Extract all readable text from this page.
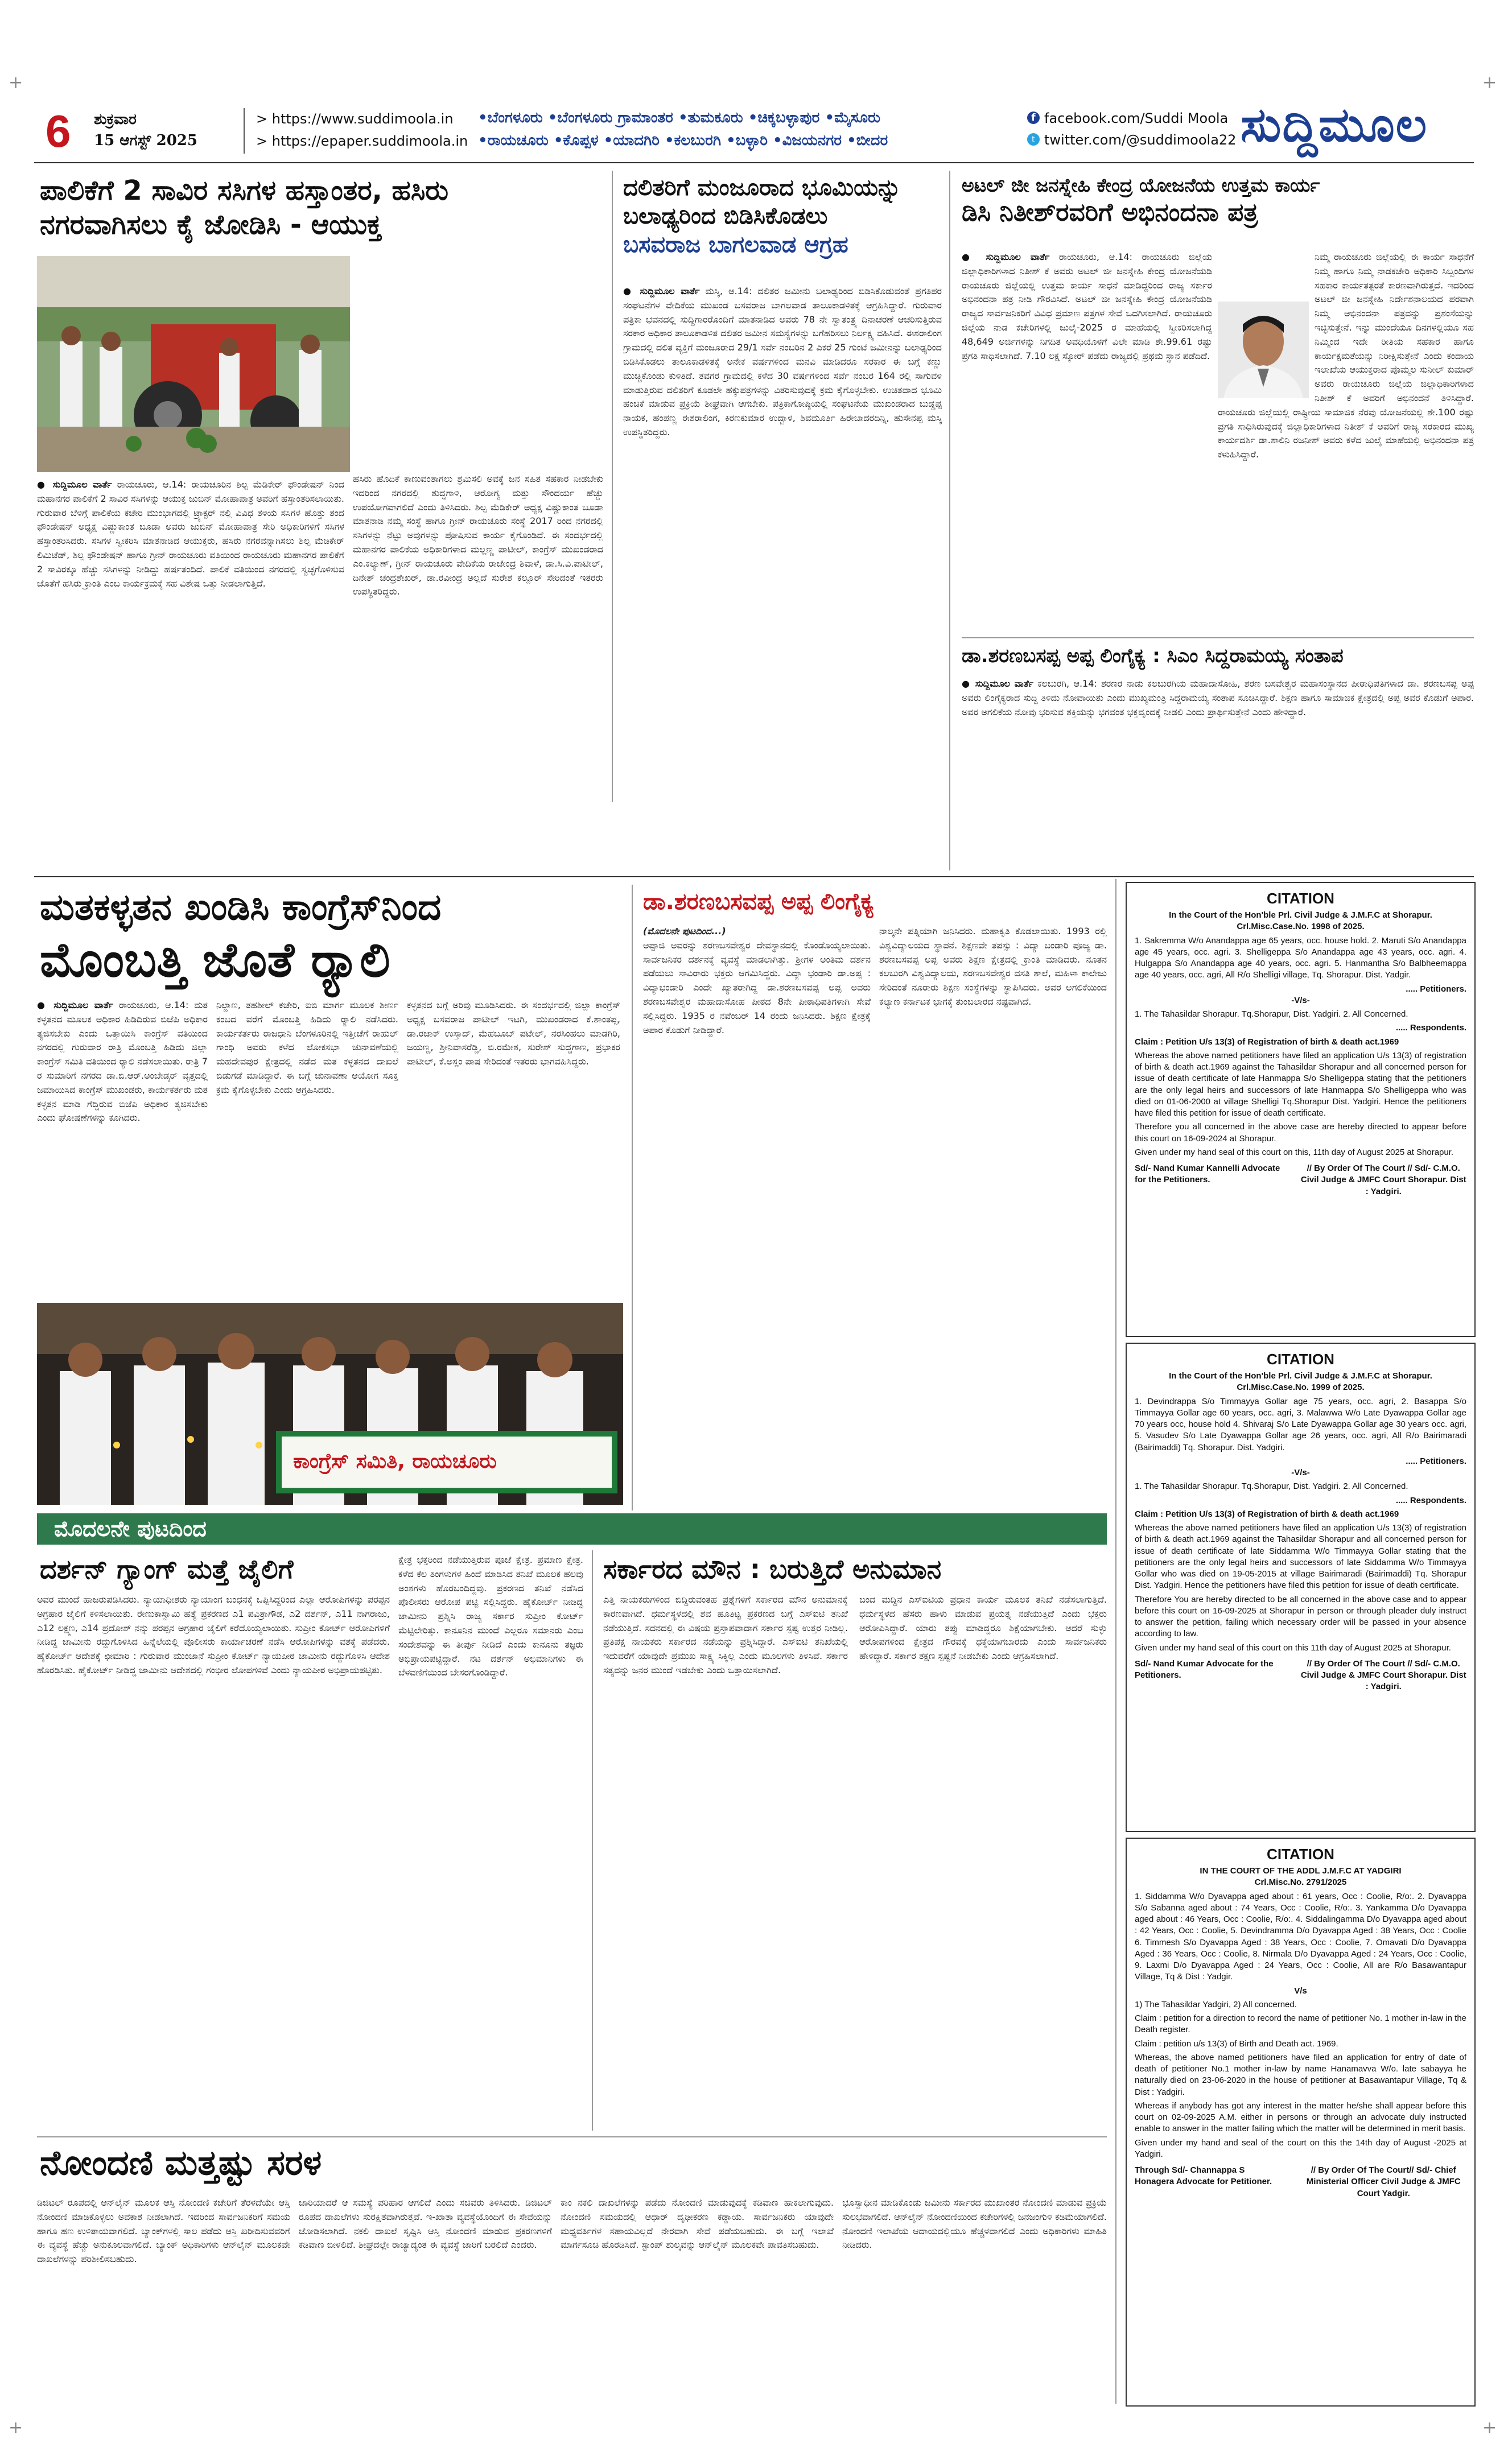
+	+
+	+
6 ಶುಕ್ರವಾರ
15 ಆಗಸ್ಟ್ 2025
> https://www.suddimoola.in
> https://epaper.suddimoola.in
•ಬೆಂಗಳೂರು •ಬೆಂಗಳೂರು ಗ್ರಾಮಾಂತರ •ತುಮಕೂರು •ಚಿಕ್ಕಬಳ್ಳಾಪುರ •ಮೈಸೂರು
•ರಾಯಚೂರು •ಕೊಪ್ಪಳ •ಯಾದಗಿರಿ •ಕಲಬುರಗಿ •ಬಳ್ಳಾರಿ •ವಿಜಯನಗರ •ಬೀದರ
f facebook.com/Suddi Moola
t twitter.com/@suddimoola22 ಸುದ್ದಿಮೂಲ
ಪಾಲಿಕೆಗೆ 2 ಸಾವಿರ ಸಸಿಗಳ ಹಸ್ತಾಂತರ, ಹಸಿರು
ನಗರವಾಗಿಸಲು ಕೈ ಜೋಡಿಸಿ - ಆಯುಕ್ತ
● ಸುದ್ದಿಮೂಲ ವಾರ್ತೆ ರಾಯಚೂರು, ಆ.14: ರಾಯಚೂರಿನ ಶಿಲ್ಪ ಮೆಡಿಕೇರ್ ಫೌಂಡೇಷನ್ ನಿಂದ ಮಹಾನಗರ ಪಾಲಿಕೆಗೆ 2 ಸಾವಿರ ಸಸಿಗಳನ್ನು ಆಯುಕ್ತ ಜುಬಿನ್ ಮೋಹಾಪಾತ್ರ ಅವರಿಗೆ ಹಸ್ತಾಂತರಿಸಲಾಯಿತು. ಗುರುವಾರ ಬೆಳಿಗ್ಗೆ ಪಾಲಿಕೆಯ ಕಚೇರಿ ಮುಂಭಾಗದಲ್ಲಿ ಟ್ರ್ಯಾಕ್ಟರ್ ನಲ್ಲಿ ವಿವಿಧ ತಳಿಯ ಸಸಿಗಳ ಹೊತ್ತು ತಂದ ಫೌಂಡೇಷನ್ ಅಧ್ಯಕ್ಷ ವಿಷ್ಣುಕಾಂತ ಬೂಡಾ ಅವರು ಜುಬಿನ್ ಮೋಹಾಪಾತ್ರ ಸೇರಿ ಅಧಿಕಾರಿಗಳಿಗೆ ಸಸಿಗಳ ಹಸ್ತಾಂತರಿಸಿದರು. ಸಸಿಗಳ ಸ್ವೀಕರಿಸಿ ಮಾತನಾಡಿದ ಆಯುಕ್ತರು, ಹಸಿರು ನಗರವನ್ನಾಗಿಸಲು ಶಿಲ್ಪ ಮೆಡಿಕೇರ್ ಲಿಮಿಟೆಡ್, ಶಿಲ್ಪ ಫೌಂಡೇಷನ್ ಹಾಗೂ ಗ್ರೀನ್ ರಾಯಚೂರು ವತಿಯಿಂದ ರಾಯಚೂರು ಮಹಾನಗರ ಪಾಲಿಕೆಗೆ 2 ಸಾವಿರಕ್ಕೂ ಹೆಚ್ಚು ಸಸಿಗಳನ್ನು ನೀಡಿದ್ದು ಹರ್ಷತಂದಿದೆ. ಪಾಲಿಕೆ ವತಿಯಿಂದ ನಗರದಲ್ಲಿ ಸ್ವಚ್ಛಗೊಳಿಸುವ ಜೊತೆಗೆ ಹಸಿರು ಕ್ರಾಂತಿ ಎಂಬ ಕಾರ್ಯಕ್ರಮಕ್ಕೆ ಸಹ ವಿಶೇಷ ಒತ್ತು ನೀಡಲಾಗುತ್ತಿದೆ.
ಹಸಿರು ಹೊದಿಕೆ ಕಾಣುವಂತಾಗಲು ಶ್ರಮಿಸಲಿ ಅವಕ್ಕೆ ಜನ ಸಹಿತ ಸಹಕಾರ ನೀಡಬೇಕು ಇದರಿಂದ ನಗರದಲ್ಲಿ ಶುದ್ಧಗಾಳಿ, ಆರೋಗ್ಯ ಮತ್ತು ಸೌಂದರ್ಯ ಹೆಚ್ಚು ಉಪಯೋಗವಾಗಲಿದೆ ಎಂದು ತಿಳಿಸಿದರು. ಶಿಲ್ಪ ಮೆಡಿಕೇರ್ ಅಧ್ಯಕ್ಷ ವಿಷ್ಣುಕಾಂತ ಬೂಡಾ ಮಾತನಾಡಿ ನಮ್ಮ ಸಂಸ್ಥೆ ಹಾಗೂ ಗ್ರೀನ್ ರಾಯಚೂರು ಸಂಸ್ಥೆ 2017 ರಿಂದ ನಗರದಲ್ಲಿ ಸಸಿಗಳನ್ನು ನೆಟ್ಟು ಅವುಗಳನ್ನು ಪೋಷಿಸುವ ಕಾರ್ಯ ಕೈಗೊಂಡಿದೆ. ಈ ಸಂದರ್ಭದಲ್ಲಿ ಮಹಾನಗರ ಪಾಲಿಕೆಯ ಅಧಿಕಾರಿಗಳಾದ ಮಲ್ಲಣ್ಣ ಪಾಟೀಲ್, ಕಾಂಗ್ರೆಸ್ ಮುಖಂಡರಾದ ಎಂ.ಕಲ್ಯಾಣ್, ಗ್ರೀನ್ ರಾಯಚೂರು ವೇದಿಕೆಯ ರಾಜೇಂದ್ರ ಶಿವಾಳೆ, ಡಾ.ಸಿ.ವಿ.ಪಾಟೀಲ್, ದಿನೇಶ್ ಚಂದ್ರಶೇಖರ್, ಡಾ.ರವೀಂದ್ರ ಅಲ್ಲದೆ ಸುರೇಶ ಕಲ್ಲೂರ್ ಸೇರಿದಂತೆ ಇತರರು ಉಪಸ್ಥಿತರಿದ್ದರು.
ದಲಿತರಿಗೆ ಮಂಜೂರಾದ ಭೂಮಿಯನ್ನು
ಬಲಾಢ್ಯರಿಂದ ಬಿಡಿಸಿಕೊಡಲು
ಬಸವರಾಜ ಬಾಗಲವಾಡ ಆಗ್ರಹ
● ಸುದ್ದಿಮೂಲ ವಾರ್ತೆ ಮಸ್ಕಿ, ಆ.14: ದಲಿತರ ಜಮೀನು ಬಲಾಢ್ಯರಿಂದ ಬಿಡಿಸಿಕೊಡುವಂತೆ ಪ್ರಗತಿಪರ ಸಂಘಟನೆಗಳ ವೇದಿಕೆಯ ಮುಖಂಡ ಬಸವರಾಜ ಬಾಗಲವಾಡ ತಾಲೂಕಾಡಳಿತಕ್ಕೆ ಆಗ್ರಹಿಸಿದ್ದಾರೆ. ಗುರುವಾರ ಪತ್ರಿಕಾ ಭವನದಲ್ಲಿ ಸುದ್ದಿಗಾರರೊಂದಿಗೆ ಮಾತನಾಡಿದ ಅವರು 78 ನೇ ಸ್ವಾತಂತ್ರ್ಯ ದಿನಾಚರಣೆ ಆಚರಿಸುತ್ತಿರುವ ಸರಕಾರ ಅಧಿಕಾರ ತಾಲೂಕಾಡಳಿತ ದಲಿತರ ಜಮೀನ ಸಮಸ್ಯೆಗಳನ್ನು ಬಗೆಹರಿಸಲು ನಿರ್ಲಕ್ಷ್ಯ ವಹಿಸಿದೆ. ಈಶರಾಲಿಂಗ ಗ್ರಾಮದಲ್ಲಿ ದಲಿತ ವ್ಯಕ್ತಿಗೆ ಮಂಜೂರಾದ 29/1 ಸರ್ವೆ ನಂಬರಿನ 2 ಎಕರೆ 25 ಗುಂಟೆ ಜಮೀನನ್ನು ಬಲಾಢ್ಯರಿಂದ ಬಿಡಿಸಿಕೊಡಲು ತಾಲೂಕಾಡಳಿತಕ್ಕೆ ಅನೇಕ ವರ್ಷಗಳಿಂದ ಮನವಿ ಮಾಡಿದರೂ ಸರಕಾರ ಈ ಬಗ್ಗೆ ಕಣ್ಣು ಮುಚ್ಚಿಕೊಂಡು ಕುಳಿತಿದೆ. ತವಗರ ಗ್ರಾಮದಲ್ಲಿ ಕಳೆದ 30 ವರ್ಷಗಳಿಂದ ಸರ್ವೆ ನಂಬರ 164 ರಲ್ಲಿ ಸಾಗುವಳಿ ಮಾಡುತ್ತಿರುವ ದಲಿತರಿಗೆ ಕೂಡಲೇ ಹಕ್ಕುಪತ್ರಗಳನ್ನು ವಿತರಿಸುವುದಕ್ಕೆ ಕ್ರಮ ಕೈಗೊಳ್ಳಬೇಕು. ಉಚಿತವಾದ ಭೂಮಿ ಹಂಚಿಕೆ ಮಾಡುವ ಪ್ರಕ್ರಿಯೆ ಶೀಘ್ರವಾಗಿ ಆಗಬೇಕು. ಪತ್ರಿಕಾಗೋಷ್ಠಿಯಲ್ಲಿ ಸಂಘಟನೆಯ ಮುಖಂಡರಾದ ಬುಡ್ಡಪ್ಪ ನಾಯಕ, ಹಂಪಣ್ಣ ಈಶರಾಲಿಂಗ, ಕಿರಣಕುಮಾರ ಉದ್ಬಾಳ, ಶಿವಮೂರ್ತಿ ಹಿರೇಬಾದರದಿನ್ನಿ, ಹುಸೇನಪ್ಪ ಮಸ್ಕಿ ಉಪಸ್ಥಿತರಿದ್ದರು.
ಅಟಲ್ ಜೀ ಜನಸ್ನೇಹಿ ಕೇಂದ್ರ ಯೋಜನೆಯ ಉತ್ತಮ ಕಾರ್ಯ
ಡಿಸಿ ನಿತೀಶ್‌ರವರಿಗೆ ಅಭಿನಂದನಾ ಪತ್ರ
● ಸುದ್ದಿಮೂಲ ವಾರ್ತೆ ರಾಯಚೂರು, ಆ.14: ರಾಯಚೂರು ಜಿಲ್ಲೆಯ ಜಿಲ್ಲಾಧಿಕಾರಿಗಳಾದ ನಿತೀಶ್ ಕೆ ಅವರು ಅಟಲ್ ಜೀ ಜನಸ್ನೇಹಿ ಕೇಂದ್ರ ಯೋಜನೆಯಡಿ ರಾಯಚೂರು ಜಿಲ್ಲೆಯಲ್ಲಿ ಉತ್ತಮ ಕಾರ್ಯ ಸಾಧನೆ ಮಾಡಿದ್ದರಿಂದ ರಾಜ್ಯ ಸರ್ಕಾರ ಅಭಿನಂದನಾ ಪತ್ರ ನೀಡಿ ಗೌರವಿಸಿದೆ. ಅಟಲ್ ಜೀ ಜನಸ್ನೇಹಿ ಕೇಂದ್ರ ಯೋಜನೆಯಡಿ ರಾಜ್ಯದ ಸಾರ್ವಜನಿಕರಿಗೆ ವಿವಿಧ ಪ್ರಮಾಣ ಪತ್ರಗಳ ಸೇವೆ ಒದಗಿಸಲಾಗಿದೆ. ರಾಯಚೂರು ಜಿಲ್ಲೆಯ ನಾಡ ಕಚೇರಿಗಳಲ್ಲಿ ಜುಲೈ-2025 ರ ಮಾಹೆಯಲ್ಲಿ ಸ್ವೀಕರಿಸಲಾಗಿದ್ದ 48,649 ಅರ್ಜಿಗಳನ್ನು ನಿಗದಿತ ಅವಧಿಯೊಳಗೆ ವಿಲೇ ಮಾಡಿ ಶೇ.99.61 ರಷ್ಟು ಪ್ರಗತಿ ಸಾಧಿಸಲಾಗಿದೆ. 7.10 ಲಕ್ಷ ಸ್ಕೋರ್ ಪಡೆದು ರಾಜ್ಯದಲ್ಲಿ ಪ್ರಥಮ ಸ್ಥಾನ ಪಡೆದಿದೆ.
ನಿಮ್ಮ ರಾಯಚೂರು ಜಿಲ್ಲೆಯಲ್ಲಿ ಈ ಕಾರ್ಯ ಸಾಧನೆಗೆ ನಿಮ್ಮ ಹಾಗೂ ನಿಮ್ಮ ನಾಡಕಚೇರಿ ಅಧಿಕಾರಿ ಸಿಬ್ಬಂದಿಗಳ ಸಹಕಾರ ಕಾರ್ಯತತ್ಪರತೆ ಕಾರಣವಾಗಿರುತ್ತದೆ. ಇದರಿಂದ ಅಟಲ್ ಜೀ ಜನಸ್ನೇಹಿ ನಿರ್ದೇಶನಾಲಯದ ಪರವಾಗಿ ನಿಮ್ಮ ಅಭಿನಂದನಾ ಪತ್ರವನ್ನು ಪ್ರಶಂಸೆಯನ್ನು ಇಚ್ಛಿಸುತ್ತೇನೆ. ಇನ್ನು ಮುಂದೆಯೂ ದಿನಗಳಲ್ಲಿಯೂ ಸಹ ನಿಮ್ಮಿಂದ ಇದೇ ರೀತಿಯ ಸಹಕಾರ ಹಾಗೂ ಕಾರ್ಯಕ್ಷಮತೆಯನ್ನು ನಿರೀಕ್ಷಿಸುತ್ತೇನೆ ಎಂದು ಕಂದಾಯ ಇಲಾಖೆಯ ಆಯುಕ್ತರಾದ ಪೊಮ್ಮಲ ಸುನೀಲ್ ಕುಮಾರ್ ಅವರು ರಾಯಚೂರು ಜಿಲ್ಲೆಯ ಜಿಲ್ಲಾಧಿಕಾರಿಗಳಾದ ನಿತೀಶ್ ಕೆ ಅವರಿಗೆ ಅಭಿನಂದನೆ ತಿಳಿಸಿದ್ದಾರೆ. ರಾಯಚೂರು ಜಿಲ್ಲೆಯಲ್ಲಿ ರಾಷ್ಟ್ರೀಯ ಸಾಮಾಜಿಕ ನೆರವು ಯೋಜನೆಯಲ್ಲಿ ಶೇ.100 ರಷ್ಟು ಪ್ರಗತಿ ಸಾಧಿಸಿರುವುದಕ್ಕೆ ಜಿಲ್ಲಾಧಿಕಾರಿಗಳಾದ ನಿತೀಶ್ ಕೆ ಅವರಿಗೆ ರಾಜ್ಯ ಸರಕಾರದ ಮುಖ್ಯ ಕಾರ್ಯದರ್ಶಿ ಡಾ.ಶಾಲಿನಿ ರಜನೀಶ್ ಅವರು ಕಳೆದ ಜುಲೈ ಮಾಹೆಯಲ್ಲಿ ಅಭಿನಂದನಾ ಪತ್ರ ಕಳುಹಿಸಿದ್ದಾರೆ.
ಡಾ.ಶರಣಬಸಪ್ಪ ಅಪ್ಪ ಲಿಂಗೈಕ್ಯ : ಸಿಎಂ ಸಿದ್ದರಾಮಯ್ಯ ಸಂತಾಪ
● ಸುದ್ದಿಮೂಲ ವಾರ್ತೆ ಕಲಬುರಗಿ, ಆ.14: ಶರಣರ ನಾಡು ಕಲಬುರಗಿಯ ಮಹಾದಾಸೋಹಿ, ಶರಣ ಬಸವೇಶ್ವರ ಮಹಾಸಂಸ್ಥಾನದ ಪೀಠಾಧಿಪತಿಗಳಾದ ಡಾ. ಶರಣಬಸಪ್ಪ ಅಪ್ಪ ಅವರು ಲಿಂಗೈಕ್ಯರಾದ ಸುದ್ದಿ ತಿಳಿದು ನೋವಾಯಿತು ಎಂದು ಮುಖ್ಯಮಂತ್ರಿ ಸಿದ್ದರಾಮಯ್ಯ ಸಂತಾಪ ಸೂಚಿಸಿದ್ದಾರೆ. ಶಿಕ್ಷಣ ಹಾಗೂ ಸಾಮಾಜಿಕ ಕ್ಷೇತ್ರದಲ್ಲಿ ಅಪ್ಪ ಅವರ ಕೊಡುಗೆ ಅಪಾರ. ಅವರ ಅಗಲಿಕೆಯ ನೋವು ಭರಿಸುವ ಶಕ್ತಿಯನ್ನು ಭಗವಂತ ಭಕ್ತವೃಂದಕ್ಕೆ ನೀಡಲಿ ಎಂದು ಪ್ರಾರ್ಥಿಸುತ್ತೇನೆ ಎಂದು ಹೇಳಿದ್ದಾರೆ.
ಮತಕಳ್ಳತನ ಖಂಡಿಸಿ ಕಾಂಗ್ರೆಸ್‌ನಿಂದ
ಮೊಂಬತ್ತಿ ಜೊತೆ ರ್‍ಯಾಲಿ
● ಸುದ್ದಿಮೂಲ ವಾರ್ತೆ ರಾಯಚೂರು, ಆ.14: ಮತ ಕಳ್ಳತನದ ಮೂಲಕ ಅಧಿಕಾರ ಹಿಡಿದಿರುವ ಬಿಜೆಪಿ ಅಧಿಕಾರ ತ್ಯಜಿಸಬೇಕು ಎಂದು ಒತ್ತಾಯಿಸಿ ಕಾಂಗ್ರೆಸ್ ವತಿಯಿಂದ ನಗರದಲ್ಲಿ ಗುರುವಾರ ರಾತ್ರಿ ಮೊಂಬತ್ತಿ ಹಿಡಿದು ಜಿಲ್ಲಾ ಕಾಂಗ್ರೆಸ್ ಸಮಿತಿ ವತಿಯಿಂದ ರ್‍ಯಾಲಿ ನಡೆಸಲಾಯಿತು. ರಾತ್ರಿ 7 ರ ಸುಮಾರಿಗೆ ನಗರದ ಡಾ.ಬಿ.ಆರ್.ಅಂಬೇಡ್ಕರ್ ವೃತ್ತದಲ್ಲಿ ಜಮಾಯಿಸಿದ ಕಾಂಗ್ರೆಸ್ ಮುಖಂಡರು, ಕಾರ್ಯಕರ್ತರು ಮತ ಕಳ್ಳತನ ಮಾಡಿ ಗೆದ್ದಿರುವ ಬಿಜೆಪಿ ಅಧಿಕಾರ ತ್ಯಜಿಸಬೇಕು ಎಂದು ಘೋಷಣೆಗಳನ್ನು ಕೂಗಿದರು.
ನಿಲ್ದಾಣ, ತಹಶೀಲ್ ಕಚೇರಿ, ಐಬಿ ಮಾರ್ಗ ಮೂಲಕ ಶೀರ್ಣ ಕಂಬದ ವರೆಗೆ ಮೊಂಬತ್ತಿ ಹಿಡಿದು ರ್‍ಯಾಲಿ ನಡೆಸಿದರು. ಕಾರ್ಯಕರ್ತರು ರಾಜಧಾನಿ ಬೆಂಗಳೂರಿನಲ್ಲಿ ಇತ್ತೀಚೆಗೆ ರಾಹುಲ್ ಗಾಂಧಿ ಅವರು ಕಳೆದ ಲೋಕಸಭಾ ಚುನಾವಣೆಯಲ್ಲಿ ಮಹದೇವಪುರ ಕ್ಷೇತ್ರದಲ್ಲಿ ನಡೆದ ಮತ ಕಳ್ಳತನದ ದಾಖಲೆ ಬಿಡುಗಡೆ ಮಾಡಿದ್ದಾರೆ. ಈ ಬಗ್ಗೆ ಚುನಾವಣಾ ಆಯೋಗ ಸೂಕ್ತ ಕ್ರಮ ಕೈಗೊಳ್ಳಬೇಕು ಎಂದು ಆಗ್ರಹಿಸಿದರು.
ಕಳ್ಳತನದ ಬಗ್ಗೆ ಅರಿವು ಮೂಡಿಸಿದರು. ಈ ಸಂದರ್ಭದಲ್ಲಿ ಜಿಲ್ಲಾ ಕಾಂಗ್ರೆಸ್ ಅಧ್ಯಕ್ಷ ಬಸವರಾಜ ಪಾಟೀಲ್ ಇಟಗಿ, ಮುಖಂಡರಾದ ಕೆ.ಶಾಂತಪ್ಪ, ಡಾ.ರಜಾಕ್ ಉಸ್ತಾದ್, ಮೆಹಬೂಬ್ ಪಟೇಲ್, ನರಸಿಂಹಲು ಮಾಡಗಿರಿ, ಜಯಣ್ಣ, ಶ್ರೀನಿವಾಸರೆಡ್ಡಿ, ಬಿ.ರಮೇಶ, ಸುರೇಶ್ ಸುದ್ಧಗಾಣ, ಪ್ರಭಾಕರ ಪಾಟೀಲ್, ಕೆ.ಅಸ್ಲಂ ಪಾಷ ಸೇರಿದಂತೆ ಇತರರು ಭಾಗವಹಿಸಿದ್ದರು.
ಕಾಂಗ್ರೆಸ್ ಸಮಿತಿ, ರಾಯಚೂರು
ಡಾ.ಶರಣಬಸವಪ್ಪ ಅಪ್ಪ ಲಿಂಗೈಕ್ಯ
(ಮೊದಲನೇ ಪುಟದಿಂದ...)
ಅಪ್ಪಾಜಿ ಅವರನ್ನು ಶರಣಬಸವೇಶ್ವರ ದೇವಸ್ಥಾನದಲ್ಲಿ ಕೊಂಡೊಯ್ಯಲಾಯಿತು. ಸಾರ್ವಜನಿಕರ ದರ್ಶನಕ್ಕೆ ವ್ಯವಸ್ಥೆ ಮಾಡಲಾಗಿತ್ತು. ಶ್ರೀಗಳ ಅಂತಿಮ ದರ್ಶನ ಪಡೆಯಲು ಸಾವಿರಾರು ಭಕ್ತರು ಆಗಮಿಸಿದ್ದರು. ವಿದ್ಯಾ ಭಂಡಾರಿ ಡಾ.ಅಪ್ಪ : ವಿದ್ಯಾಭಂಡಾರಿ ಎಂದೇ ಖ್ಯಾತರಾಗಿದ್ದ ಡಾ.ಶರಣಬಸವಪ್ಪ ಅಪ್ಪ ಅವರು ಶರಣಬಸವೇಶ್ವರ ಮಹಾದಾಸೋಹ ಪೀಠದ 8ನೇ ಪೀಠಾಧಿಪತಿಗಳಾಗಿ ಸೇವೆ ಸಲ್ಲಿಸಿದ್ದರು. 1935 ರ ನವೆಂಬರ್ 14 ರಂದು ಜನಿಸಿದರು. ಶಿಕ್ಷಣ ಕ್ಷೇತ್ರಕ್ಕೆ ಅಪಾರ ಕೊಡುಗೆ ನೀಡಿದ್ದಾರೆ.
ನಾಲ್ಕನೇ ಪತ್ನಿಯಾಗಿ ಜನಿಸಿದರು. ಮಹಾಕೃತಿ ಕೊಡಲಾಯಿತು. 1993 ರಲ್ಲಿ ವಿಶ್ವವಿದ್ಯಾಲಯದ ಸ್ಥಾಪನೆ. ಶಿಕ್ಷಣವೇ ತಪಸ್ಸು : ವಿದ್ಯಾ ಬಂಡಾರಿ ಪೂಜ್ಯ ಡಾ. ಶರಣಬಸವಪ್ಪ ಅಪ್ಪ ಅವರು ಶಿಕ್ಷಣ ಕ್ಷೇತ್ರದಲ್ಲಿ ಕ್ರಾಂತಿ ಮಾಡಿದರು. ನೂತನ ಕಲಬುರಗಿ ವಿಶ್ವವಿದ್ಯಾಲಯ, ಶರಣಬಸವೇಶ್ವರ ವಸತಿ ಶಾಲೆ, ಮಹಿಳಾ ಕಾಲೇಜು ಸೇರಿದಂತೆ ನೂರಾರು ಶಿಕ್ಷಣ ಸಂಸ್ಥೆಗಳನ್ನು ಸ್ಥಾಪಿಸಿದರು. ಅವರ ಅಗಲಿಕೆಯಿಂದ ಕಲ್ಯಾಣ ಕರ್ನಾಟಕ ಭಾಗಕ್ಕೆ ತುಂಬಲಾರದ ನಷ್ಟವಾಗಿದೆ.
ಮೊದಲನೇ ಪುಟದಿಂದ
ದರ್ಶನ್ ಗ್ಯಾಂಗ್ ಮತ್ತೆ ಜೈಲಿಗೆ
ಅವರ ಮುಂದೆ ಹಾಜರುಪಡಿಸಿದರು. ನ್ಯಾಯಾಧೀಶರು ನ್ಯಾಯಾಂಗ ಬಂಧನಕ್ಕೆ ಒಪ್ಪಿಸಿದ್ದರಿಂದ ಎಲ್ಲಾ ಆರೋಪಿಗಳನ್ನು ಪರಪ್ಪನ ಅಗ್ರಹಾರ ಜೈಲಿಗೆ ಕಳಿಸಲಾಯಿತು. ರೇಣುಕಾಸ್ವಾಮಿ ಹತ್ಯೆ ಪ್ರಕರಣದ ಎ1 ಪವಿತ್ರಾಗೌಡ, ಎ2 ದರ್ಶನ್, ಎ11 ನಾಗರಾಜು, ಎ12 ಲಕ್ಷ್ಮಣ, ಎ14 ಪ್ರದೋಶ್ ನನ್ನು ಪರಪ್ಪನ ಅಗ್ರಹಾರ ಜೈಲಿಗೆ ಕರೆದೊಯ್ಯಲಾಯಿತು. ಸುಪ್ರೀಂ ಕೋರ್ಟ್ ಆರೋಪಿಗಳಿಗೆ ನೀಡಿದ್ದ ಜಾಮೀನು ರದ್ದುಗೊಳಿಸಿದ ಹಿನ್ನೆಲೆಯಲ್ಲಿ ಪೊಲೀಸರು ಕಾರ್ಯಾಚರಣೆ ನಡೆಸಿ ಆರೋಪಿಗಳನ್ನು ವಶಕ್ಕೆ ಪಡೆದರು. ಹೈಕೋರ್ಟ್ ಆದೇಶಕ್ಕೆ ಛೀಮಾರಿ : ಗುರುವಾರ ಮುಂಜಾನೆ ಸುಪ್ರೀಂ ಕೋರ್ಟ್ ನ್ಯಾಯಪೀಠ ಜಾಮೀನು ರದ್ದುಗೊಳಿಸಿ ಆದೇಶ ಹೊರಡಿಸಿತು. ಹೈಕೋರ್ಟ್ ನೀಡಿದ್ದ ಜಾಮೀನು ಆದೇಶದಲ್ಲಿ ಗಂಭೀರ ಲೋಪಗಳಿವೆ ಎಂದು ನ್ಯಾಯಪೀಠ ಅಭಿಪ್ರಾಯಪಟ್ಟಿತು.
ಕ್ಷೇತ್ರ ಭಕ್ತರಿಂದ ನಡೆಯುತ್ತಿರುವ ಪೂಜೆ ಕ್ಷೇತ್ರ. ಪ್ರಮಾಣ ಕ್ಷೇತ್ರ. ಕಳೆದ ಕೆಲ ತಿಂಗಳುಗಳ ಹಿಂದೆ ಮಾಡಿಸಿದ ತನಿಖೆ ಮೂಲಕ ಹಲವು ಅಂಶಗಳು ಹೊರಬಂದಿದ್ದವು. ಪ್ರಕರಣದ ತನಿಖೆ ನಡೆಸಿದ ಪೊಲೀಸರು ಆರೋಪ ಪಟ್ಟಿ ಸಲ್ಲಿಸಿದ್ದರು. ಹೈಕೋರ್ಟ್ ನೀಡಿದ್ದ ಜಾಮೀನು ಪ್ರಶ್ನಿಸಿ ರಾಜ್ಯ ಸರ್ಕಾರ ಸುಪ್ರೀಂ ಕೋರ್ಟ್ ಮೆಟ್ಟಿಲೇರಿತ್ತು. ಕಾನೂನಿನ ಮುಂದೆ ಎಲ್ಲರೂ ಸಮಾನರು ಎಂಬ ಸಂದೇಶವನ್ನು ಈ ತೀರ್ಪು ನೀಡಿದೆ ಎಂದು ಕಾನೂನು ತಜ್ಞರು ಅಭಿಪ್ರಾಯಪಟ್ಟಿದ್ದಾರೆ. ನಟ ದರ್ಶನ್ ಅಭಿಮಾನಿಗಳು ಈ ಬೆಳವಣಿಗೆಯಿಂದ ಬೇಸರಗೊಂಡಿದ್ದಾರೆ.
ಸರ್ಕಾರದ ಮೌನ : ಬರುತ್ತಿದೆ ಅನುಮಾನ
ಎತ್ತಿ ನಾಯಕರುಗಳಿಂದ ಬಿದ್ದಿರುವಂತಹ ಪ್ರಶ್ನೆಗಳಿಗೆ ಸರ್ಕಾರದ ಮೌನ ಅನುಮಾನಕ್ಕೆ ಕಾರಣವಾಗಿದೆ. ಧರ್ಮಸ್ಥಳದಲ್ಲಿ ಶವ ಹೂತಿಟ್ಟ ಪ್ರಕರಣದ ಬಗ್ಗೆ ಎಸ್ಐಟಿ ತನಿಖೆ ನಡೆಯುತ್ತಿದೆ. ಸದನದಲ್ಲಿ ಈ ವಿಷಯ ಪ್ರಸ್ತಾಪವಾದಾಗ ಸರ್ಕಾರ ಸ್ಪಷ್ಟ ಉತ್ತರ ನೀಡಿಲ್ಲ. ಪ್ರತಿಪಕ್ಷ ನಾಯಕರು ಸರ್ಕಾರದ ನಡೆಯನ್ನು ಪ್ರಶ್ನಿಸಿದ್ದಾರೆ. ಎಸ್ಐಟಿ ತನಿಖೆಯಲ್ಲಿ ಇದುವರೆಗೆ ಯಾವುದೇ ಪ್ರಮುಖ ಸಾಕ್ಷ್ಯ ಸಿಕ್ಕಿಲ್ಲ ಎಂದು ಮೂಲಗಳು ತಿಳಿಸಿವೆ. ಸರ್ಕಾರ ಸತ್ಯವನ್ನು ಜನರ ಮುಂದೆ ಇಡಬೇಕು ಎಂದು ಒತ್ತಾಯಿಸಲಾಗಿದೆ.
ಬಂದ ಮದ್ದಿನ ಎಸ್ಐಟಿಯ ಪ್ರಧಾನ ಕಾರ್ಯ ಮೂಲಕ ತನಿಖೆ ನಡೆಸಲಾಗುತ್ತಿದೆ. ಧರ್ಮಸ್ಥಳದ ಹೆಸರು ಹಾಳು ಮಾಡುವ ಪ್ರಯತ್ನ ನಡೆಯುತ್ತಿದೆ ಎಂದು ಭಕ್ತರು ಆರೋಪಿಸಿದ್ದಾರೆ. ಯಾರು ತಪ್ಪು ಮಾಡಿದ್ದರೂ ಶಿಕ್ಷೆಯಾಗಬೇಕು. ಆದರೆ ಸುಳ್ಳು ಆರೋಪಗಳಿಂದ ಕ್ಷೇತ್ರದ ಗೌರವಕ್ಕೆ ಧಕ್ಕೆಯಾಗಬಾರದು ಎಂದು ಸಾರ್ವಜನಿಕರು ಹೇಳಿದ್ದಾರೆ. ಸರ್ಕಾರ ತಕ್ಷಣ ಸ್ಪಷ್ಟನೆ ನೀಡಬೇಕು ಎಂದು ಆಗ್ರಹಿಸಲಾಗಿದೆ.
ನೋಂದಣಿ ಮತ್ತಷ್ಟು ಸರಳ
ಡಿಜಿಟಲ್ ರೂಪದಲ್ಲಿ ಆನ್‌ಲೈನ್ ಮೂಲಕ ಆಸ್ತಿ ನೋಂದಣಿ ಕಚೇರಿಗೆ ತೆರಳದೆಯೇ ಆಸ್ತಿ ನೋಂದಣಿ ಮಾಡಿಕೊಳ್ಳಲು ಅವಕಾಶ ನೀಡಲಾಗಿದೆ. ಇದರಿಂದ ಸಾರ್ವಜನಿಕರಿಗೆ ಸಮಯ ಹಾಗೂ ಹಣ ಉಳಿತಾಯವಾಗಲಿದೆ. ಬ್ಯಾಂಕ್‌ಗಳಲ್ಲಿ ಸಾಲ ಪಡೆದು ಆಸ್ತಿ ಖರೀದಿಸುವವರಿಗೆ ಈ ವ್ಯವಸ್ಥೆ ಹೆಚ್ಚು ಅನುಕೂಲವಾಗಲಿದೆ. ಬ್ಯಾಂಕ್ ಅಧಿಕಾರಿಗಳು ಆನ್‌ಲೈನ್ ಮೂಲಕವೇ ದಾಖಲೆಗಳನ್ನು ಪರಿಶೀಲಿಸಬಹುದು.
ಜಾರಿಯಾದರೆ ಆ ಸಮಸ್ಯೆ ಪರಿಹಾರ ಆಗಲಿದೆ ಎಂದು ಸಚಿವರು ತಿಳಿಸಿದರು. ಡಿಜಿಟಲ್ ರೂಪದ ದಾಖಲೆಗಳು ಸುರಕ್ಷಿತವಾಗಿರುತ್ತವೆ. ಇ-ಖಾತಾ ವ್ಯವಸ್ಥೆಯೊಂದಿಗೆ ಈ ಸೇವೆಯನ್ನು ಜೋಡಿಸಲಾಗಿದೆ. ನಕಲಿ ದಾಖಲೆ ಸೃಷ್ಟಿಸಿ ಆಸ್ತಿ ನೋಂದಣಿ ಮಾಡುವ ಪ್ರಕರಣಗಳಿಗೆ ಕಡಿವಾಣ ಬೀಳಲಿದೆ. ಶೀಘ್ರದಲ್ಲೇ ರಾಜ್ಯಾದ್ಯಂತ ಈ ವ್ಯವಸ್ಥೆ ಜಾರಿಗೆ ಬರಲಿದೆ ಎಂದರು.
ಕಾಂ ನಕಲಿ ದಾಖಲೆಗಳನ್ನು ಪಡೆದು ನೋಂದಣಿ ಮಾಡುವುದಕ್ಕೆ ಕಡಿವಾಣ ಹಾಕಲಾಗುವುದು. ನೋಂದಣಿ ಸಮಯದಲ್ಲಿ ಆಧಾರ್ ದೃಢೀಕರಣ ಕಡ್ಡಾಯ. ಸಾರ್ವಜನಿಕರು ಯಾವುದೇ ಮಧ್ಯವರ್ತಿಗಳ ಸಹಾಯವಿಲ್ಲದೆ ನೇರವಾಗಿ ಸೇವೆ ಪಡೆಯಬಹುದು. ಈ ಬಗ್ಗೆ ಇಲಾಖೆ ಮಾರ್ಗಸೂಚಿ ಹೊರಡಿಸಿದೆ. ಸ್ಟಾಂಪ್ ಶುಲ್ಕವನ್ನು ಆನ್‌ಲೈನ್ ಮೂಲಕವೇ ಪಾವತಿಸಬಹುದು.
ಭೂಸ್ವಾಧೀನ ಮಾಡಿಕೊಂಡು ಜಮೀನು ಸರ್ಕಾರದ ಮುಖಾಂತರ ನೋಂದಣಿ ಮಾಡುವ ಪ್ರಕ್ರಿಯೆ ಸುಲಭವಾಗಲಿದೆ. ಆನ್‌ಲೈನ್ ನೋಂದಣಿಯಿಂದ ಕಚೇರಿಗಳಲ್ಲಿ ಜನಜಂಗುಳಿ ಕಡಿಮೆಯಾಗಲಿದೆ. ನೋಂದಣಿ ಇಲಾಖೆಯ ಆದಾಯದಲ್ಲಿಯೂ ಹೆಚ್ಚಳವಾಗಲಿದೆ ಎಂದು ಅಧಿಕಾರಿಗಳು ಮಾಹಿತಿ ನೀಡಿದರು.
CITATION
In the Court of the Hon'ble Prl. Civil Judge & J.M.F.C at Shorapur.
Crl.Misc.Case.No. 1998 of 2025.

1. Sakremma W/o Anandappa age 65 years, occ. house hold. 2. Maruti S/o Anandappa age 45 years, occ. agri. 3. Shelligeppa S/o Anandappa age 43 years, occ. agri. 4. Hulgappa S/o Anandappa age 40 years, occ. agri. 5. Hanmantha S/o Balbheemappa age 40 years, occ. agri, All R/o Shelligi village, Tq. Shorapur. Dist. Yadgir.

..... Petitioners.
-V/s-

1. The Tahasildar Shorapur. Tq.Shorapur, Dist. Yadgiri. 2. All Concerned.

..... Respondents.

Claim : Petition U/s 13(3) of Registration of birth & death act.1969

Whereas the above named petitioners have filed an application U/s 13(3) of registration of birth & death act.1969 against the Tahasildar Shorapur and all concerned person for issue of death certificate of late Hanmappa S/o Shelligeppa stating that the petitioners are the only legal heirs and successors of late Hanmappa S/o Shelligeppa who was died on 01-06-2000 at village Shelligi Tq.Shorapur Dist. Yadgiri. Hence the petitioners have filed this petition for issue of death certificate.

Therefore you all concerned in the above case are hereby directed to appear before this court on 16-09-2024 at Shorapur.

Given under my hand seal of this court on this, 11th day of August 2025 at Shorapur.

Sd/- Nand Kumar Kannelli Advocate for the Petitioners.
// By Order Of The Court // Sd/- C.M.O. Civil Judge & JMFC Court Shorapur. Dist : Yadgiri.
CITATION
In the Court of the Hon'ble Prl. Civil Judge & J.M.F.C at Shorapur.
Crl.Misc.Case.No. 1999 of 2025.

1. Devindrappa S/o Timmayya Gollar age 75 years, occ. agri, 2. Basappa S/o Timmayya Gollar age 60 years, occ. agri, 3. Malawwa W/o Late Dyawappa Gollar age 70 years occ, house hold 4. Shivaraj S/o Late Dyawappa Gollar age 30 years occ. agri, 5. Vasudev S/o Late Dyawappa Gollar age 26 years, occ. agri, All R/o Bairimaradi (Bairimaddi) Tq. Shorapur. Dist. Yadgiri.

..... Petitioners.
-V/s-

1. The Tahasildar Shorapur. Tq.Shorapur, Dist. Yadgiri. 2. All Concerned.

..... Respondents.

Claim : Petition U/s 13(3) of Registration of birth & death act.1969

Whereas the above named petitioners have filed an application U/s 13(3) of registration of birth & death act.1969 against the Tahasildar Shorapur and all concerned person for issue of death certificate of late Siddamma W/o Timmayya Gollar stating that the petitioners are the only legal heirs and successors of late Siddamma W/o Timmayya Gollar who was died on 19-05-2015 at village Bairimaradi (Bairimaddi) Tq. Shorapur Dist. Yadgiri. Hence the petitioners have filed this petition for issue of death certificate.

Therefore You are hereby directed to be all concerned in the above case and to appear before this court on 16-09-2025 at Shorapur in person or through pleader duly instruct to answer the petition, failing which necessary order will be passed in your absence according to law.

Given under my hand seal of this court on this 11th day of August 2025 at Shorapur.

Sd/- Nand Kumar Advocate for the Petitioners.
// By Order Of The Court // Sd/- C.M.O. Civil Judge & JMFC Court Shorapur. Dist : Yadgiri.
CITATION
IN THE COURT OF THE ADDL J.M.F.C AT YADGIRI
Crl.Misc.No. 2791/2025

1. Siddamma W/o Dyavappa aged about : 61 years, Occ : Coolie, R/o:. 2. Dyavappa S/o Sabanna aged about : 74 Years, Occ : Coolie, R/o:. 3. Yankamma D/o Dyavappa aged about : 46 Years, Occ : Coolie, R/o:. 4. Siddalingamma D/o Dyavappa aged about : 42 Years, Occ : Coolie, 5. Devindramma D/o Dyavappa Aged : 38 Years, Occ : Coolie 6. Timmesh S/o Dyavappa Aged : 38 Years, Occ : Coolie, 7. Omavati D/o Dyavappa Aged : 36 Years, Occ : Coolie, 8. Nirmala D/o Dyavappa Aged : 24 Years, Occ : Coolie, 9. Laxmi D/o Dyavappa Aged : 24 Years, Occ : Coolie, All are R/o Basawantapur Village, Tq & Dist : Yadgir.

V/s

1) The Tahasildar Yadgiri, 2) All concerned.

Claim : petition for a direction to record the name of petitioner No. 1 mother in-law in the Death register.

Claim : petition u/s 13(3) of Birth and Death act. 1969.

Whereas, the above named petitioners have filed an application for entry of date of death of petitioner No.1 mother in-law by name Hanamavva W/o. late sabayya he naturally died on 23-06-2020 in the house of petitioner at Basawantapur Village, Tq & Dist : Yadgiri.

Whereas if anybody has got any interest in the matter he/she shall appear before this court on 02-09-2025 A.M. either in persons or through an advocate duly instructed enable to answer in the matter failing which the matter will be determined in merit basis.

Given under my hand and seal of the court on this the 14th day of August -2025 at Yadgiri.

Through Sd/- Channappa S Honagera Advocate for Petitioner.
// By Order Of The Court// Sd/- Chief Ministerial Officer Civil Judge & JMFC Court Yadgir.
